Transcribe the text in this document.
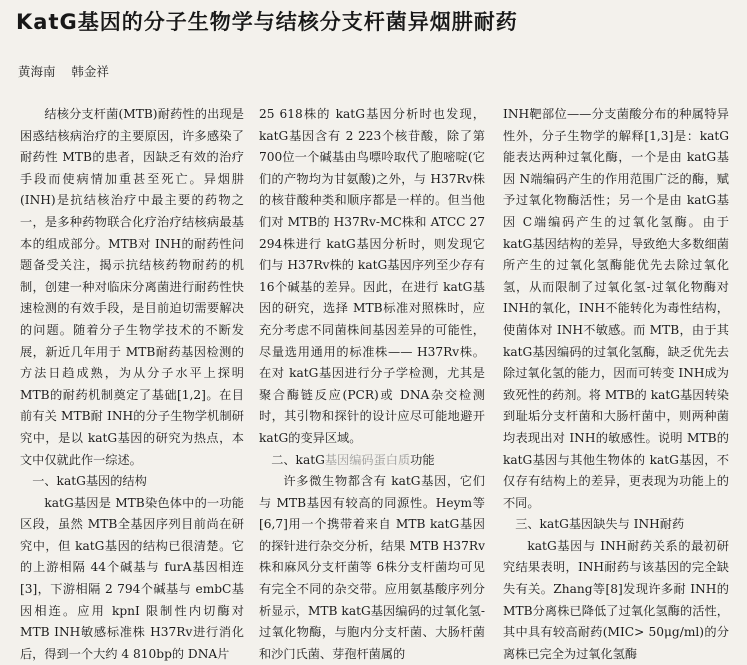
KatG基因的分子生物学与结核分支杆菌异烟肼耐药
黄海南    韩金祥

结核分支杆菌(MTB)耐药性的出现是困惑结核病治疗的主要原因，许多感染了耐药性 MTB的患者，因缺乏有效的治疗手段而使病情加重甚至死亡。异烟肼(INH)是抗结核治疗中最主要的药物之一，是多种药物联合化疗治疗结核病最基本的组成部分。MTB对 INH的耐药性问题备受关注，揭示抗结核药物耐药的机制，创建一种对临床分离菌进行耐药性快速检测的有效手段，是目前迫切需要解决的问题。随着分子生物学技术的不断发展，新近几年用于 MTB耐药基因检测的方法日趋成熟，为从分子水平上探明 MTB的耐药机制奠定了基础[1,2]。在目前有关 MTB耐 INH的分子生物学机制研究中，是以 katG基因的研究为热点，本文中仅就此作一综述。

一、katG基因的结构

katG基因是 MTB染色体中的一功能区段，虽然 MTB全基因序列目前尚在研究中，但 katG基因的结构已很清楚。它的上游相隔 44个碱基与 furA基因相连[3]，下游相隔 2 794个碱基与 embC基因相连。应用 kpnI 限制性内切酶对 MTB INH敏感标准株 H37Rv进行消化后，得到一个大约 4 810bp的 DNA片

25 618株的 katG基因分析时也发现，katG基因含有 2 223个核苷酸，除了第 700位一个碱基由鸟嘌呤取代了胞嘧啶(它们的产物均为甘氨酸)之外，与 H37Rv株的核苷酸种类和顺序都是一样的。但当他们对 MTB的 H37Rv-MC株和 ATCC 27 294株进行 katG基因分析时，则发现它们与 H37Rv株的 katG基因序列至少存有 16个碱基的差异。因此，在进行 katG基因的研究，选择 MTB标准对照株时，应充分考虑不同菌株间基因差异的可能性，尽量选用通用的标准株—— H37Rv株。在对 katG基因进行分子学检测，尤其是聚合酶链反应(PCR)或 DNA杂交检测时，其引物和探针的设计应尽可能地避开 katG的变异区域。

二、katG基因编码蛋白质功能

许多微生物都含有 katG基因，它们与 MTB基因有较高的同源性。Heym等[6,7]用一个携带着来自 MTB katG基因的探针进行杂交分析，结果 MTB H37Rv株和麻风分支杆菌等 6株分支杆菌均可见有完全不同的杂交带。应用氨基酸序列分析显示，MTB katG基因编码的过氧化氢-过氧化物酶，与胞内分支杆菌、大肠杆菌和沙门氏菌、芽孢杆菌属的

INH靶部位——分支菌酸分布的种属特异性外，分子生物学的解释[1,3]是：katG能表达两种过氧化酶，一个是由 katG基因 N端编码产生的作用范围广泛的酶，赋予过氧化物酶活性；另一个是由 katG基因 C端编码产生的过氧化氢酶。由于 katG基因结构的差异，导致绝大多数细菌所产生的过氧化氢酶能优先去除过氧化氢，从而限制了过氧化氢-过氧化物酶对 INH的氧化，INH不能转化为毒性结构，使菌体对 INH不敏感。而 MTB，由于其 katG基因编码的过氧化氢酶，缺乏优先去除过氧化氢的能力，因而可转变 INH成为致死性的药剂。将 MTB的 katG基因转染到耻垢分支杆菌和大肠杆菌中，则两种菌均表现出对 INH的敏感性。说明 MTB的 katG基因与其他生物体的 katG基因，不仅存有结构上的差异，更表现为功能上的不同。

三、katG基因缺失与 INH耐药

katG基因与 INH耐药关系的最初研究结果表明，INH耐药与该基因的完全缺失有关。Zhang等[8]发现许多耐 INH的 MTB分离株已降低了过氧化氢酶的活性，其中具有较高耐药(MIC> 50μg/ml)的分离株已完全为过氧化氢酶
